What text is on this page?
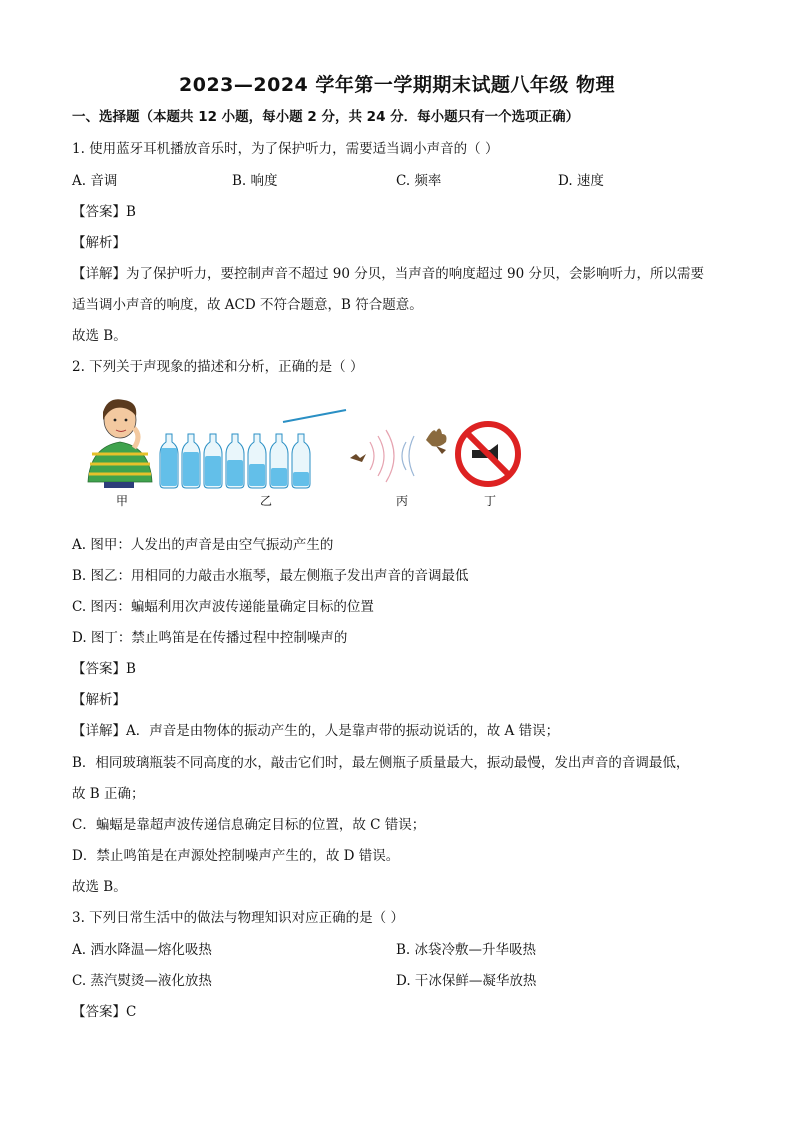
2023—2024 学年第一学期期末试题八年级 物理
一、选择题（本题共 12 小题，每小题 2 分，共 24 分．每小题只有一个选项正确）
1. 使用蓝牙耳机播放音乐时，为了保护听力，需要适当调小声音的（ ）
A. 音调	B. 响度	C. 频率	D. 速度
【答案】B
【解析】
【详解】为了保护听力，要控制声音不超过 90 分贝，当声音的响度超过 90 分贝，会影响听力，所以需要
适当调小声音的响度，故 ACD 不符合题意，B 符合题意。
故选 B。
2. 下列关于声现象的描述和分析，正确的是（ ）
甲	乙	丙	丁
A. 图甲：人发出的声音是由空气振动产生的
B. 图乙：用相同的力敲击水瓶琴，最左侧瓶子发出声音的音调最低
C. 图丙：蝙蝠利用次声波传递能量确定目标的位置
D. 图丁：禁止鸣笛是在传播过程中控制噪声的
【答案】B
【解析】
【详解】A．声音是由物体的振动产生的，人是靠声带的振动说话的，故 A 错误；
B．相同玻璃瓶装不同高度的水，敲击它们时，最左侧瓶子质量最大，振动最慢，发出声音的音调最低，
故 B 正确；
C．蝙蝠是靠超声波传递信息确定目标的位置，故 C 错误；
D．禁止鸣笛是在声源处控制噪声产生的，故 D 错误。
故选 B。
3. 下列日常生活中的做法与物理知识对应正确的是（ ）
A. 洒水降温—熔化吸热	B. 冰袋冷敷—升华吸热
C. 蒸汽熨烫—液化放热	D. 干冰保鲜—凝华放热
【答案】C
